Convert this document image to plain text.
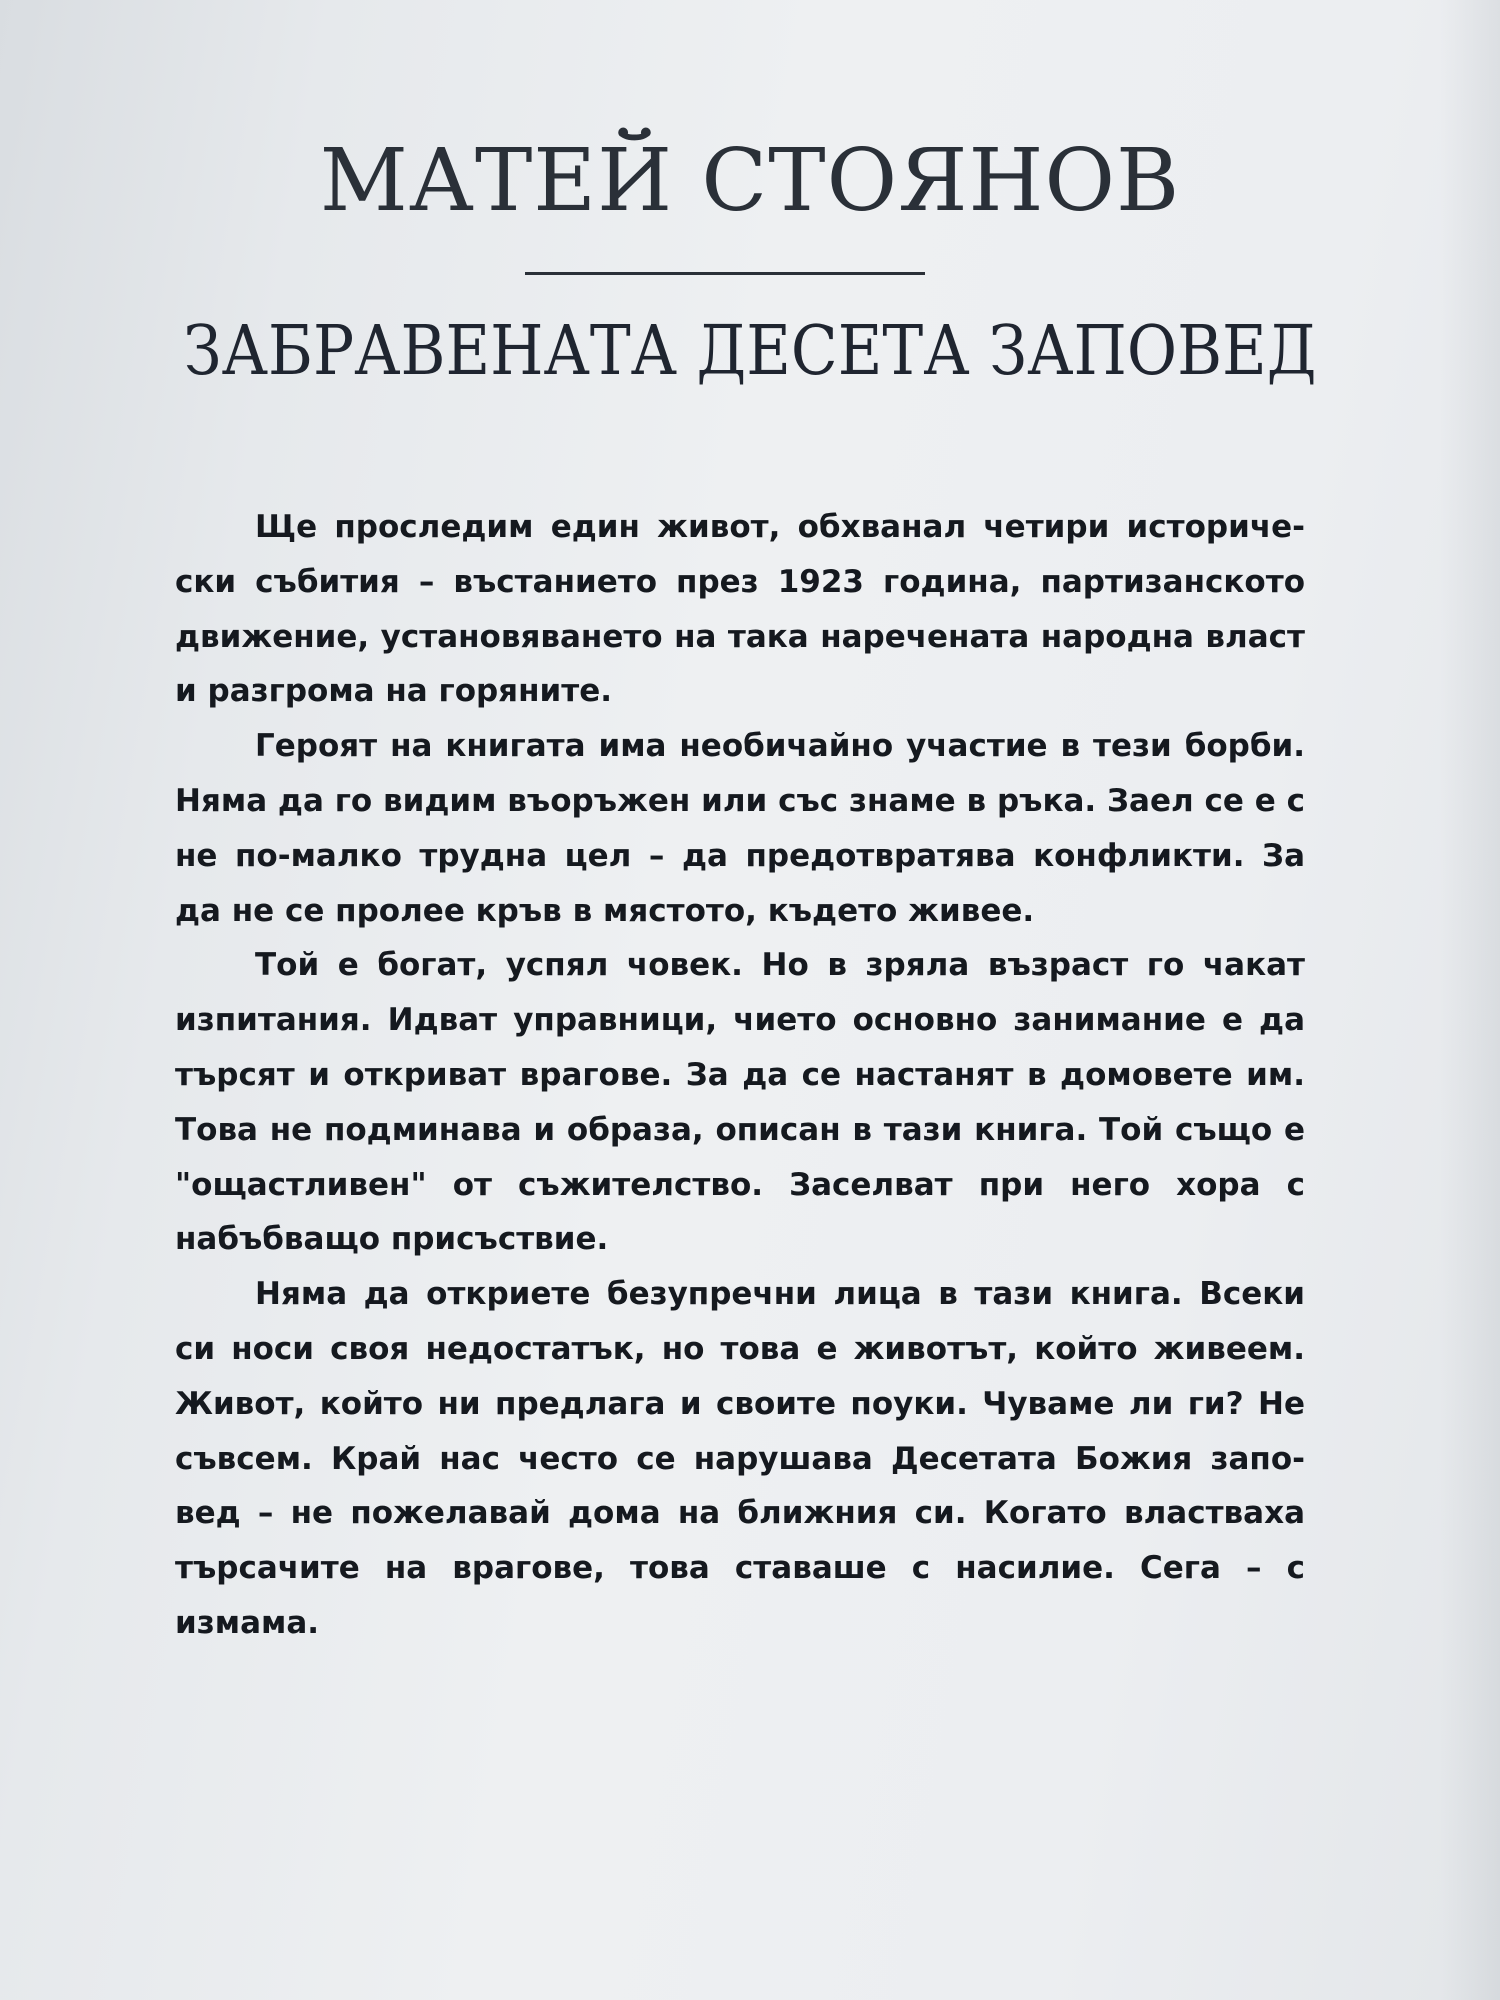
МАТЕЙ СТОЯНОВ
ЗАБРАВЕНАТА ДЕСЕТА ЗАПОВЕД

Ще проследим един живот, обхванал четири историче-ски събития – въстанието през 1923 година, партизанското движение, установяването на така наречената народна власт и разгрома на горяните.

Героят на книгата има необичайно участие в тези борби. Няма да го видим въоръжен или със знаме в ръка. Заел се е с не по-малко трудна цел – да предотвратява конфликти. За да не се пролее кръв в мястото, където живее.

Той е богат, успял човек. Но в зряла възраст го чакат изпитания. Идват управници, чието основно занимание е да търсят и откриват врагове. За да се настанят в домовете им. Това не подминава и образа, описан в тази книга. Той също е "ощастливен" от съжителство. Заселват при него хора с набъбващо присъствие.

Няма да откриете безупречни лица в тази книга. Всеки си носи своя недостатък, но това е животът, който живеем. Живот, който ни предлага и своите поуки. Чуваме ли ги? Не съвсем. Край нас често се нарушава Десетата Божия запо-вед – не пожелавай дома на ближния си. Когато властваха търсачите на врагове, това ставаше с насилие. Сега – с измама.
